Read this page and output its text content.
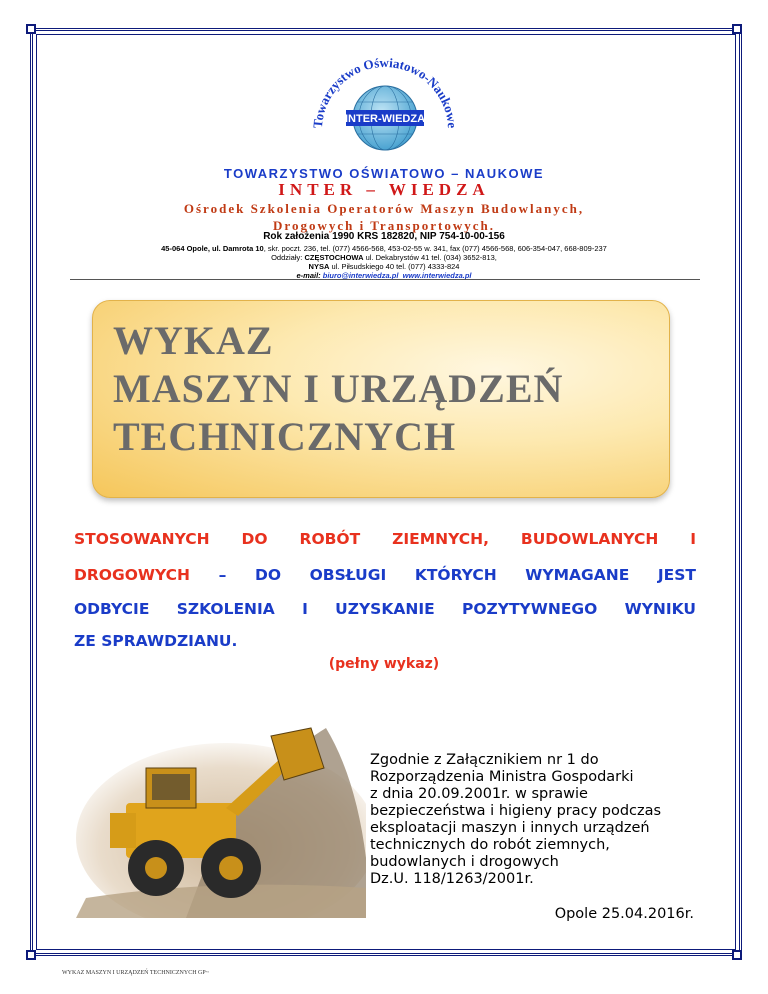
Towarzystwo Oświatowo-Naukowe
INTER-WIEDZA
TOWARZYSTWO OŚWIATOWO – NAUKOWE
INTER – WIEDZA
Ośrodek Szkolenia Operatorów Maszyn Budowlanych,
Drogowych i Transportowych.
Rok założenia 1990 KRS 182820, NIP 754-10-00-156
45-064 Opole, ul. Damrota 10, skr. poczt. 236, tel. (077) 4566-568, 453-02-55 w. 341, fax (077) 4566-568, 606-354-047, 668-809-237
Oddziały: CZĘSTOCHOWA ul. Dekabrystów 41 tel. (034) 3652-813,
NYSA ul. Piłsudskiego 40 tel. (077) 4333-824
e-mail: biuro@interwiedza.pl www.interwiedza.pl
WYKAZ
MASZYN I URZĄDZEŃ
TECHNICZNYCH
STOSOWANYCH DO ROBÓT ZIEMNYCH, BUDOWLANYCH I
DROGOWYCH – DO OBSŁUGI KTÓRYCH WYMAGANE JEST
ODBYCIE SZKOLENIA I UZYSKANIE POZYTYWNEGO WYNIKU
ZE SPRAWDZIANU.
(pełny wykaz)
Zgodnie z Załącznikiem nr 1 do
Rozporządzenia Ministra Gospodarki
z dnia 20.09.2001r. w sprawie
bezpieczeństwa i higieny pracy podczas
eksploatacji maszyn i innych urządzeń
technicznych do robót ziemnych,
budowlanych i drogowych
Dz.U. 118/1263/2001r.
Opole 25.04.2016r.
WYKAZ MASZYN I URZĄDZEŃ TECHNICZNYCH GP~
